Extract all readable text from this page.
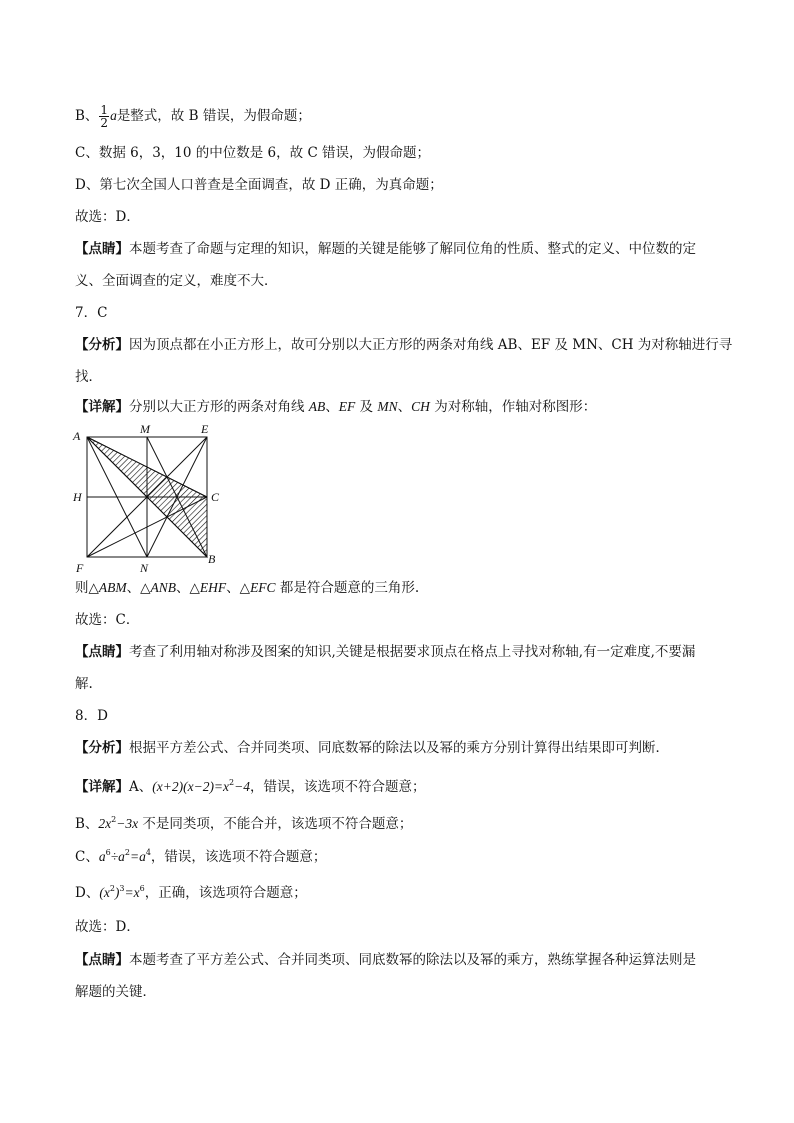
B、 $\frac{1}{2}$ a是整式，故 B 错误，为假命题；
C、数据 6，3，10 的中位数是 6，故 C 错误，为假命题；
D、第七次全国人口普查是全面调查，故 D 正确，为真命题；
故选：D．
【点睛】本题考查了命题与定理的知识，解题的关键是能够了解同位角的性质、整式的定义、中位数的定
义、全面调查的定义，难度不大．
7．C
【分析】因为顶点都在小正方形上，故可分别以大正方形的两条对角线 AB、EF 及 MN、CH 为对称轴进行寻
找．
【详解】分别以大正方形的两条对角线 AB、EF 及 MN、CH 为对称轴，作轴对称图形：
A	M	E
H	C
F	N
B
则△ABM、△ANB、△EHF、△EFC 都是符合题意的三角形.
故选：C．
【点睛】考查了利用轴对称涉及图案的知识,关键是根据要求顶点在格点上寻找对称轴,有一定难度,不要漏
解.
8．D
【分析】根据平方差公式、合并同类项、同底数幂的除法以及幂的乘方分别计算得出结果即可判断．
【详解】A、$(x+2)(x-2)=x^2-4$，错误，该选项不符合题意；
B、$2x^2-3x$ 不是同类项，不能合并，该选项不符合题意；
C、$a^6\div a^2=a^4$，错误，该选项不符合题意；
D、$(x^2)^3=x^6$，正确，该选项符合题意；
故选：D．
【点睛】本题考查了平方差公式、合并同类项、同底数幂的除法以及幂的乘方，熟练掌握各种运算法则是
解题的关键．
